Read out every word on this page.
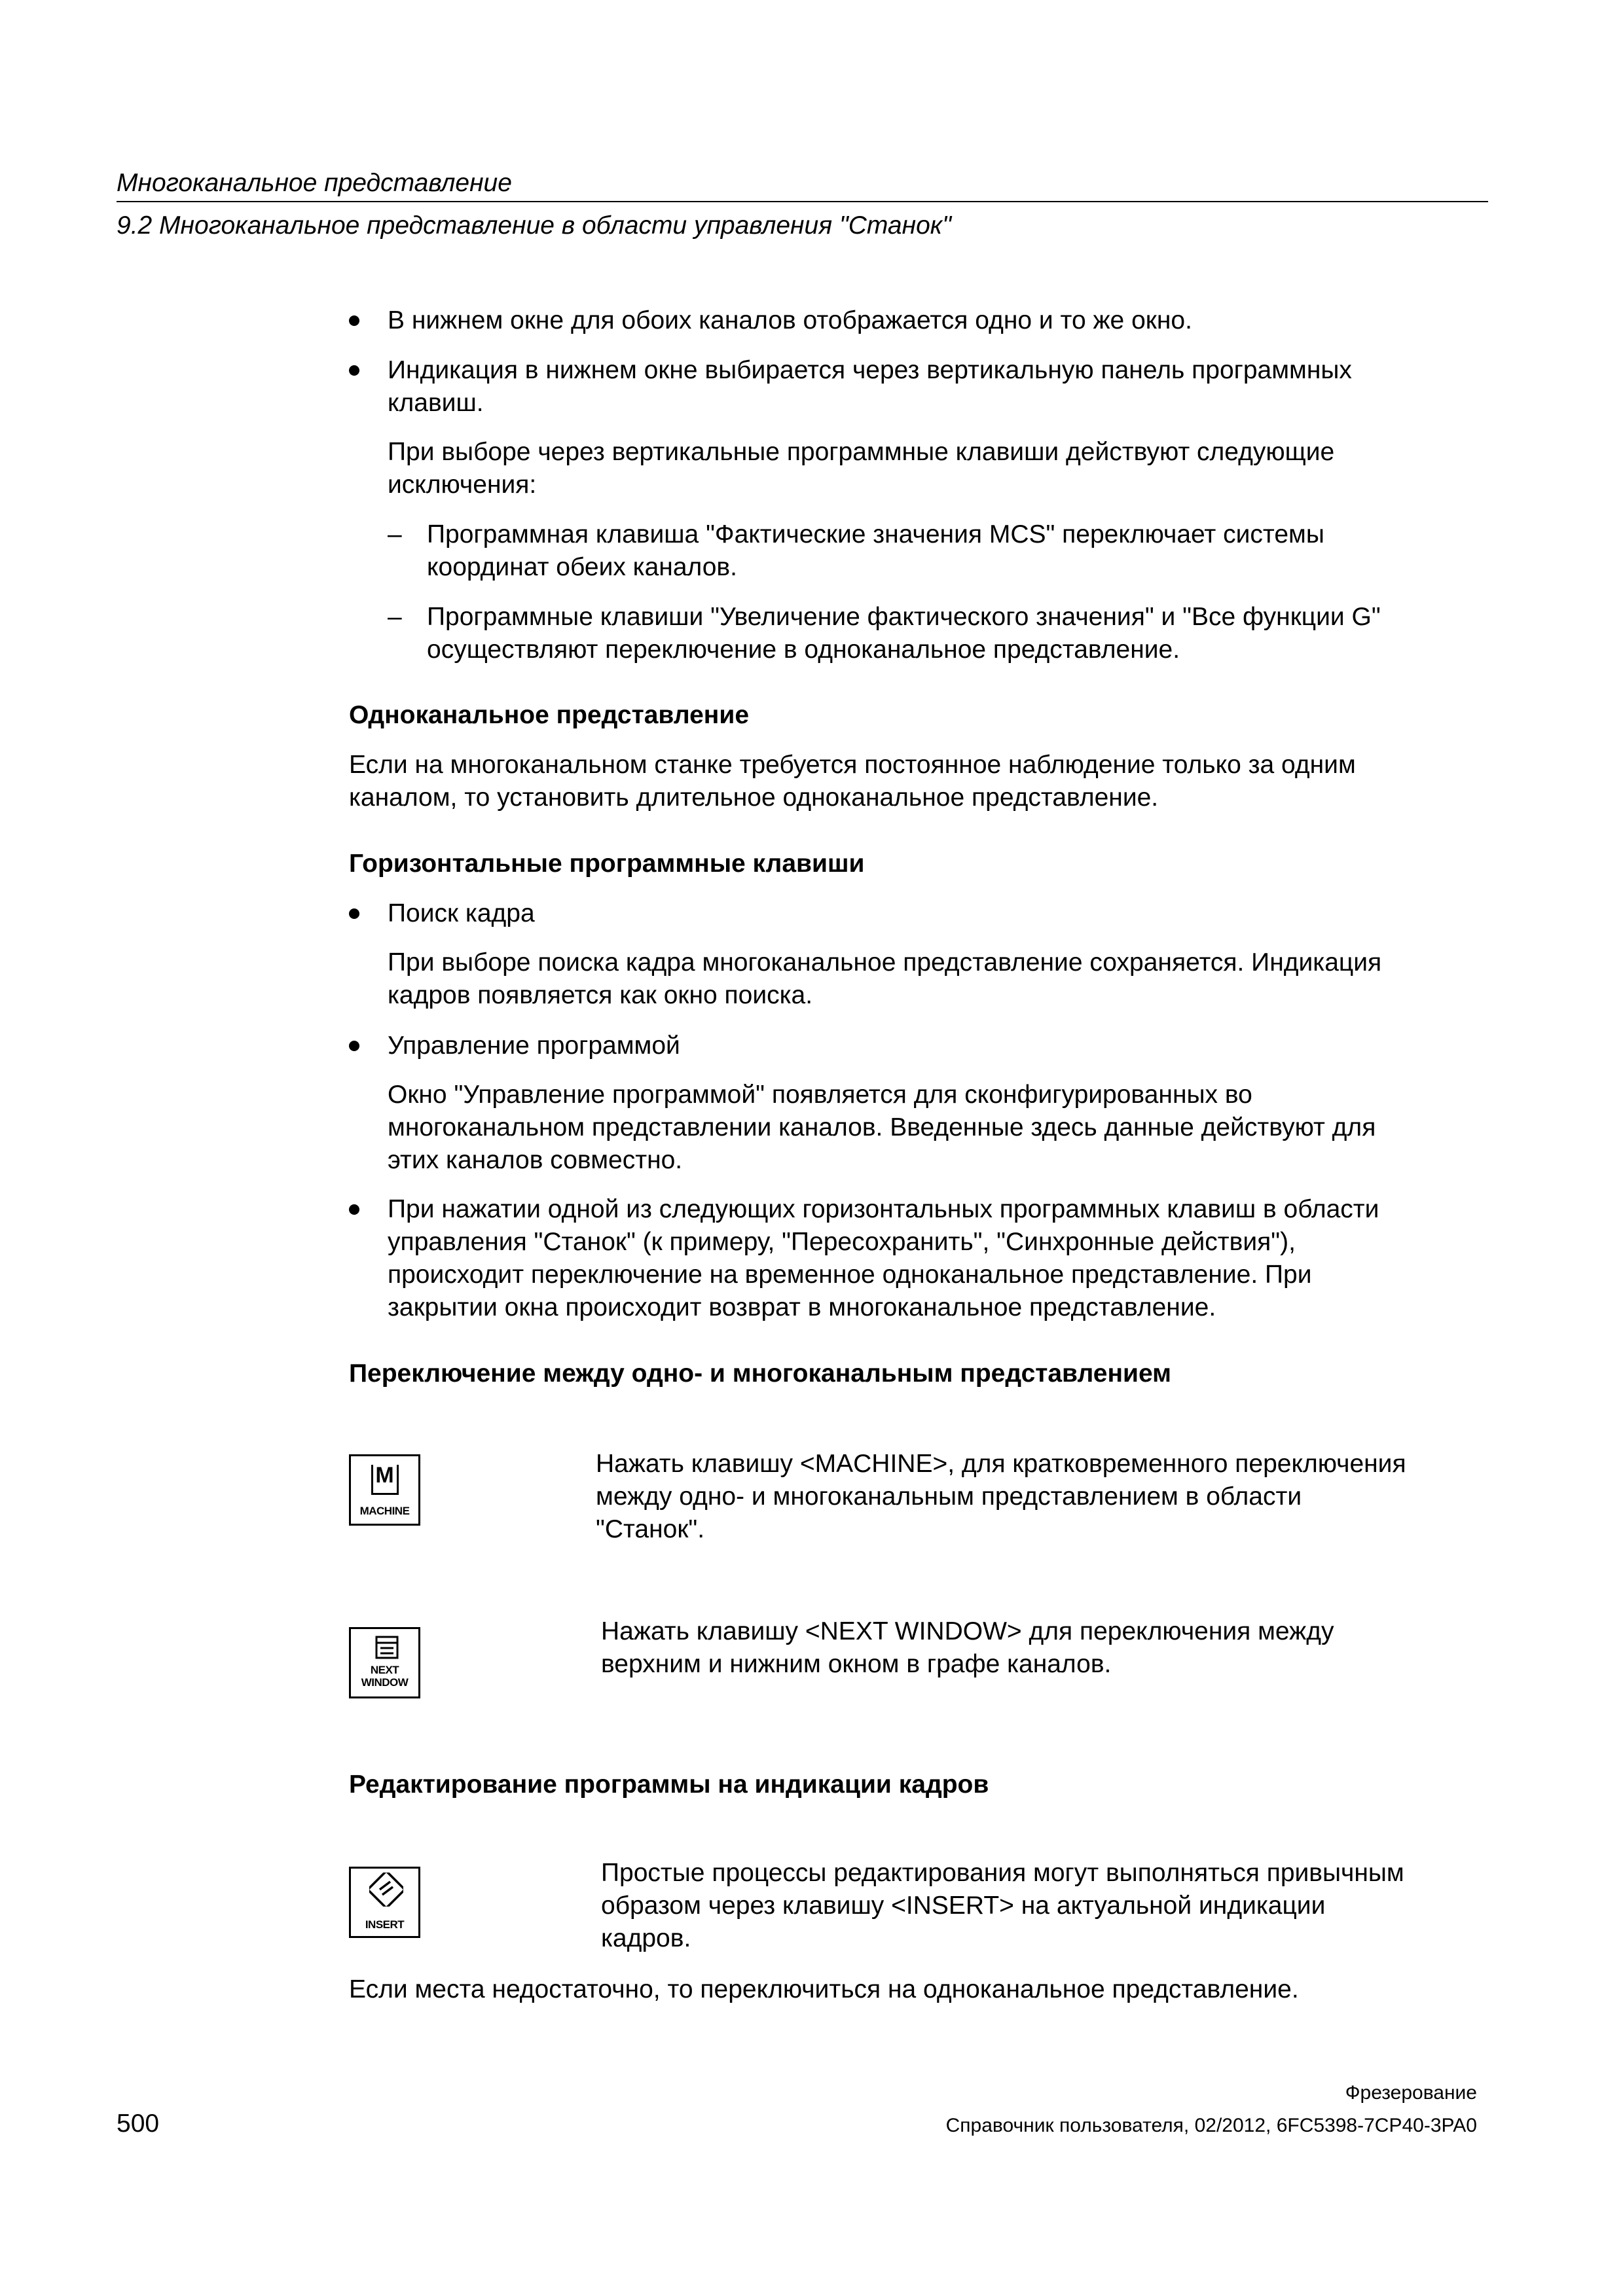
Многоканальное представление
9.2 Многоканальное представление в области управления "Станок"
В нижнем окне для обоих каналов отображается одно и то же окно.
Индикация в нижнем окне выбирается через вертикальную панель программных
клавиш.
При выборе через вертикальные программные клавиши действуют следующие
исключения:
– Программная клавиша "Фактические значения MCS" переключает системы
координат обеих каналов.
– Программные клавиши "Увеличение фактического значения" и "Все функции G"
осуществляют переключение в одноканальное представление.
Одноканальное представление
Если на многоканальном станке требуется постоянное наблюдение только за одним
каналом, то установить длительное одноканальное представление.
Горизонтальные программные клавиши
Поиск кадра
При выборе поиска кадра многоканальное представление сохраняется. Индикация
кадров появляется как окно поиска.
Управление программой
Окно "Управление программой" появляется для сконфигурированных во
многоканальном представлении каналов. Введенные здесь данные действуют для
этих каналов совместно.
При нажатии одной из следующих горизонтальных программных клавиш в области
управления "Станок" (к примеру, "Пересохранить", "Синхронные действия"),
происходит переключение на временное одноканальное представление. При
закрытии окна происходит возврат в многоканальное представление.
Переключение между одно- и многоканальным представлением
M
MACHINE
Нажать клавишу <MACHINE>, для кратковременного переключения
между одно- и многоканальным представлением в области
"Станок".
NEXT
WINDOW
Нажать клавишу <NEXT WINDOW> для переключения между
верхним и нижним окном в графе каналов.
Редактирование программы на индикации кадров
INSERT
Простые процессы редактирования могут выполняться привычным
образом через клавишу <INSERT> на актуальной индикации
кадров.
Если места недостаточно, то переключиться на одноканальное представление.
Фрезерование
500	Справочник пользователя, 02/2012, 6FC5398-7CP40-3PA0
